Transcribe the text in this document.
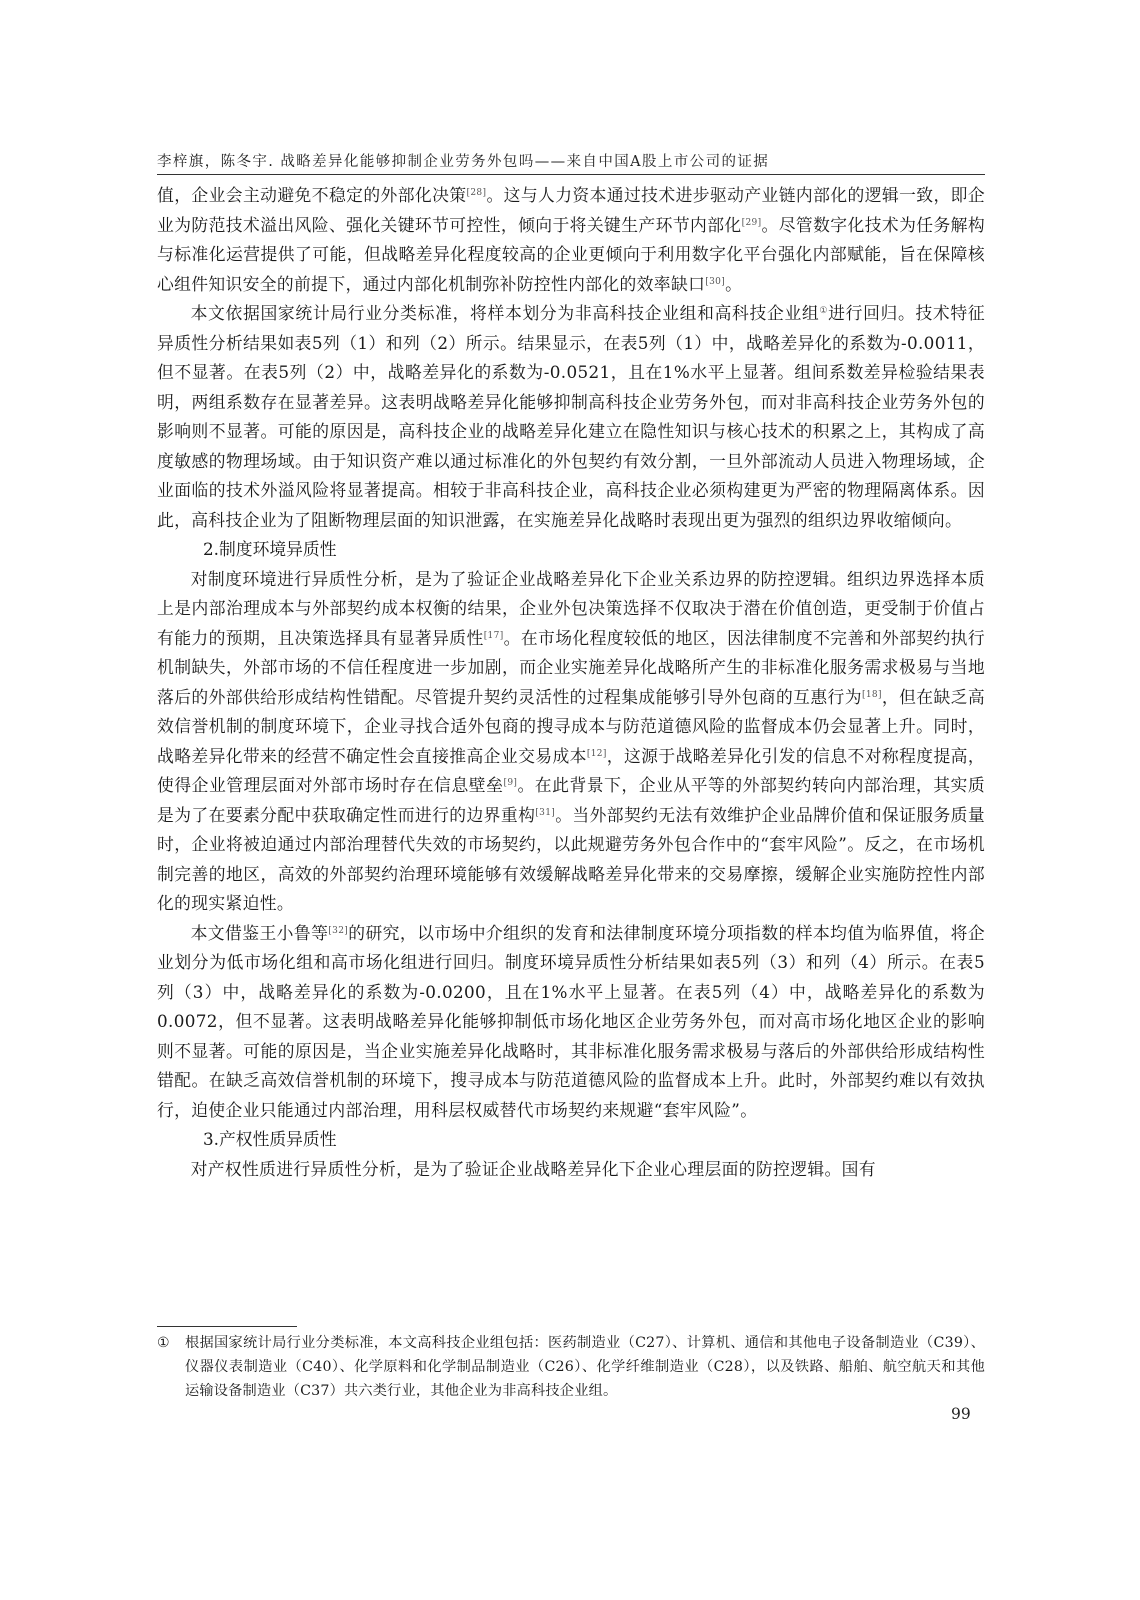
李梓旗，陈冬宇. 战略差异化能够抑制企业劳务外包吗——来自中国A股上市公司的证据

值，企业会主动避免不稳定的外部化决策[28]。这与人力资本通过技术进步驱动产业链内部化的逻辑一致，即企业为防范技术溢出风险、强化关键环节可控性，倾向于将关键生产环节内部化[29]。尽管数字化技术为任务解构与标准化运营提供了可能，但战略差异化程度较高的企业更倾向于利用数字化平台强化内部赋能，旨在保障核心组件知识安全的前提下，通过内部化机制弥补防控性内部化的效率缺口[30]。

本文依据国家统计局行业分类标准，将样本划分为非高科技企业组和高科技企业组①进行回归。技术特征异质性分析结果如表5列（1）和列（2）所示。结果显示，在表5列（1）中，战略差异化的系数为-0.0011，但不显著。在表5列（2）中，战略差异化的系数为-0.0521，且在1%水平上显著。组间系数差异检验结果表明，两组系数存在显著差异。这表明战略差异化能够抑制高科技企业劳务外包，而对非高科技企业劳务外包的影响则不显著。可能的原因是，高科技企业的战略差异化建立在隐性知识与核心技术的积累之上，其构成了高度敏感的物理场域。由于知识资产难以通过标准化的外包契约有效分割，一旦外部流动人员进入物理场域，企业面临的技术外溢风险将显著提高。相较于非高科技企业，高科技企业必须构建更为严密的物理隔离体系。因此，高科技企业为了阻断物理层面的知识泄露，在实施差异化战略时表现出更为强烈的组织边界收缩倾向。

2.制度环境异质性

对制度环境进行异质性分析，是为了验证企业战略差异化下企业关系边界的防控逻辑。组织边界选择本质上是内部治理成本与外部契约成本权衡的结果，企业外包决策选择不仅取决于潜在价值创造，更受制于价值占有能力的预期，且决策选择具有显著异质性[17]。在市场化程度较低的地区，因法律制度不完善和外部契约执行机制缺失，外部市场的不信任程度进一步加剧，而企业实施差异化战略所产生的非标准化服务需求极易与当地落后的外部供给形成结构性错配。尽管提升契约灵活性的过程集成能够引导外包商的互惠行为[18]，但在缺乏高效信誉机制的制度环境下，企业寻找合适外包商的搜寻成本与防范道德风险的监督成本仍会显著上升。同时，战略差异化带来的经营不确定性会直接推高企业交易成本[12]，这源于战略差异化引发的信息不对称程度提高，使得企业管理层面对外部市场时存在信息壁垒[9]。在此背景下，企业从平等的外部契约转向内部治理，其实质是为了在要素分配中获取确定性而进行的边界重构[31]。当外部契约无法有效维护企业品牌价值和保证服务质量时，企业将被迫通过内部治理替代失效的市场契约，以此规避劳务外包合作中的“套牢风险”。反之，在市场机制完善的地区，高效的外部契约治理环境能够有效缓解战略差异化带来的交易摩擦，缓解企业实施防控性内部化的现实紧迫性。

本文借鉴王小鲁等[32]的研究，以市场中介组织的发育和法律制度环境分项指数的样本均值为临界值，将企业划分为低市场化组和高市场化组进行回归。制度环境异质性分析结果如表5列（3）和列（4）所示。在表5列（3）中，战略差异化的系数为-0.0200，且在1%水平上显著。在表5列（4）中，战略差异化的系数为0.0072，但不显著。这表明战略差异化能够抑制低市场化地区企业劳务外包，而对高市场化地区企业的影响则不显著。可能的原因是，当企业实施差异化战略时，其非标准化服务需求极易与落后的外部供给形成结构性错配。在缺乏高效信誉机制的环境下，搜寻成本与防范道德风险的监督成本上升。此时，外部契约难以有效执行，迫使企业只能通过内部治理，用科层权威替代市场契约来规避“套牢风险”。

3.产权性质异质性

对产权性质进行异质性分析，是为了验证企业战略差异化下企业心理层面的防控逻辑。国有

① 根据国家统计局行业分类标准，本文高科技企业组包括：医药制造业（C27）、计算机、通信和其他电子设备制造业（C39）、仪器仪表制造业（C40）、化学原料和化学制品制造业（C26）、化学纤维制造业（C28），以及铁路、船舶、航空航天和其他运输设备制造业（C37）共六类行业，其他企业为非高科技企业组。
99
